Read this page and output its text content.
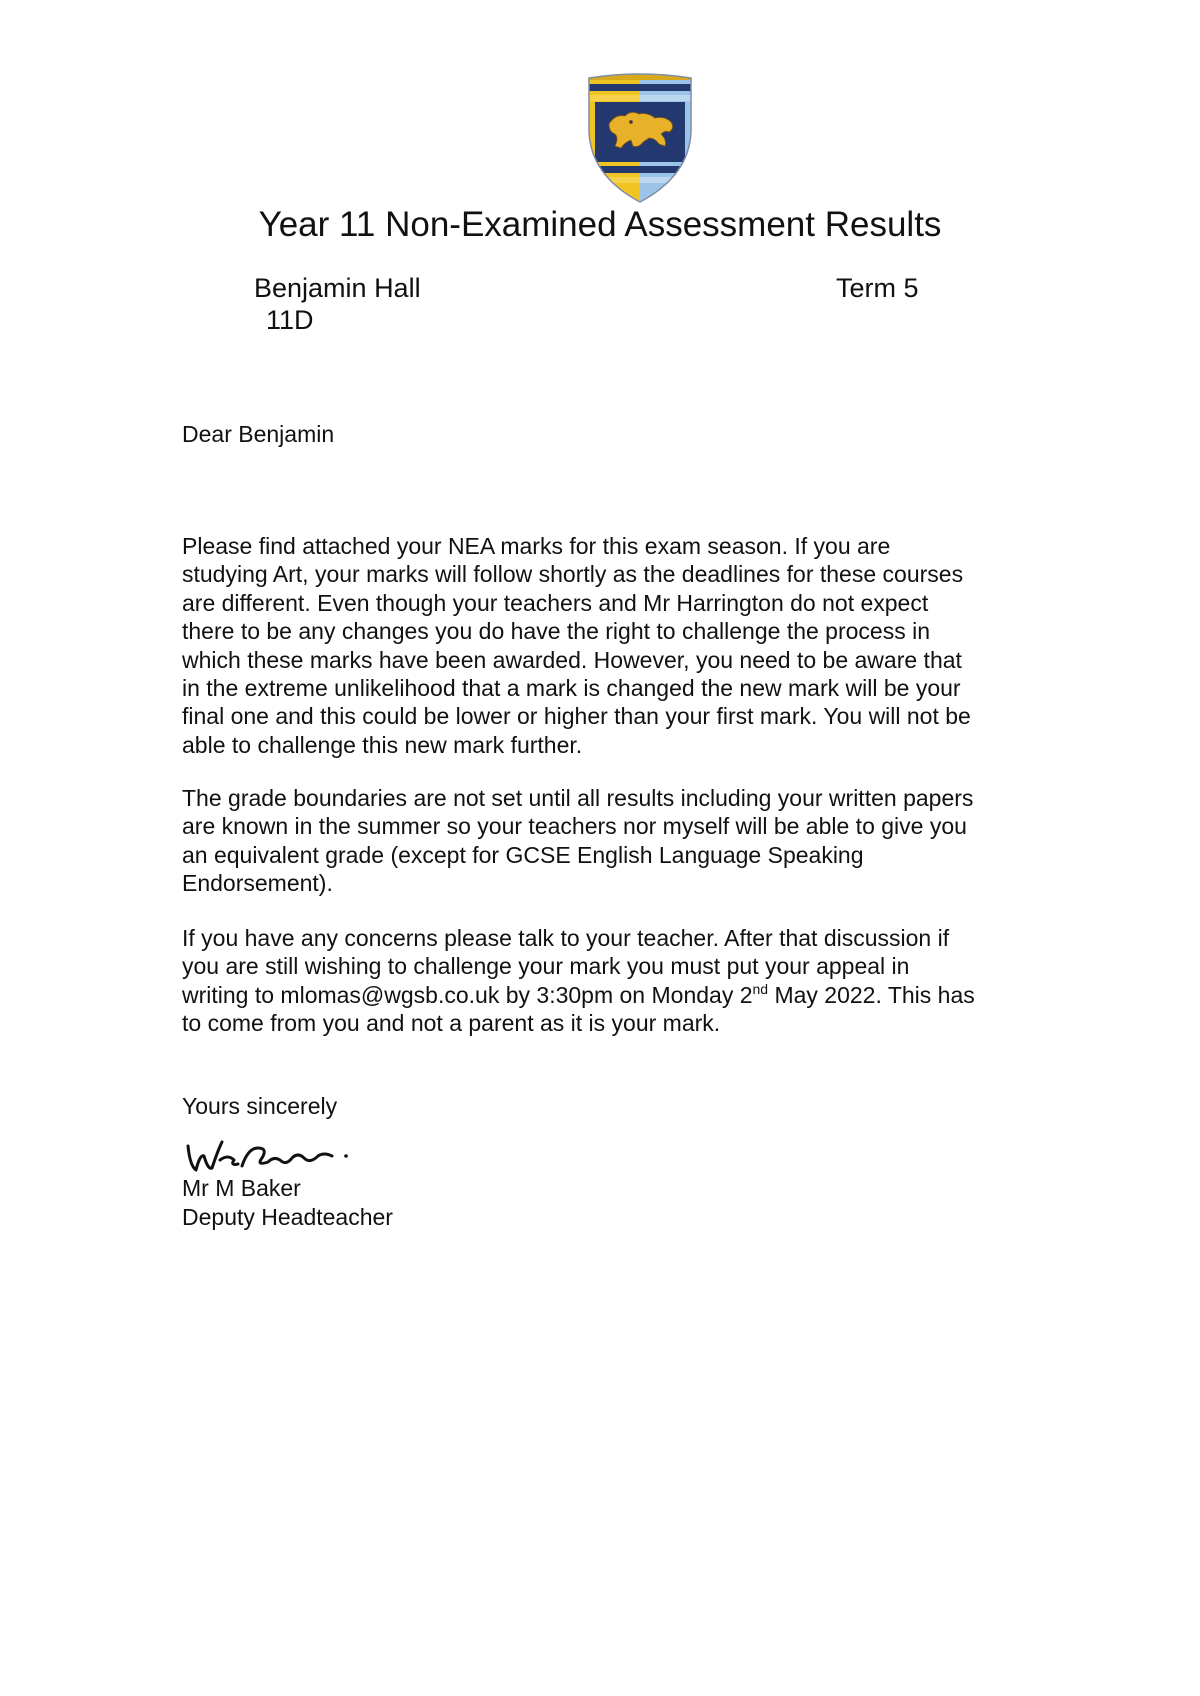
Year 11 Non-Examined Assessment Results
Benjamin Hall	Term 5
11D
Dear Benjamin

Please find attached your NEA marks for this exam season. If you are

studying Art, your marks will follow shortly as the deadlines for these courses

are different. Even though your teachers and Mr Harrington do not expect

there to be any changes you do have the right to challenge the process in

which these marks have been awarded. However, you need to be aware that

in the extreme unlikelihood that a mark is changed the new mark will be your

final one and this could be lower or higher than your first mark. You will not be

able to challenge this new mark further.

The grade boundaries are not set until all results including your written papers

are known in the summer so your teachers nor myself will be able to give you

an equivalent grade (except for GCSE English Language Speaking

Endorsement).

If you have any concerns please talk to your teacher. After that discussion if

you are still wishing to challenge your mark you must put your appeal in

writing to mlomas@wgsb.co.uk by 3:30pm on Monday 2nd May 2022. This has

to come from you and not a parent as it is your mark.

Yours sincerely
Mr M Baker
Deputy Headteacher
